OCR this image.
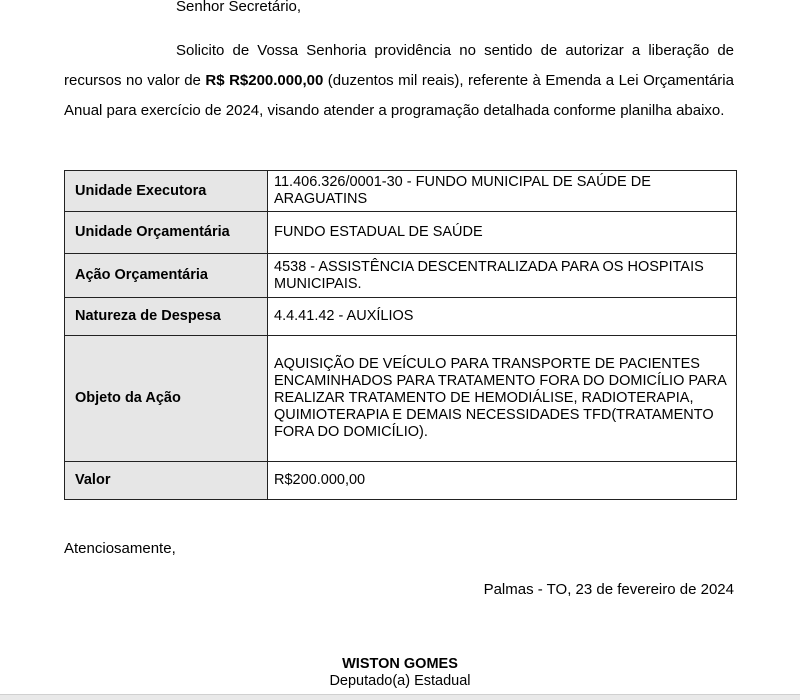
Senhor Secretário,

Solicito de Vossa Senhoria providência no sentido de autorizar a liberação de recursos no valor de R$ R$200.000,00 (duzentos mil reais), referente à Emenda a Lei Orçamentária Anual para exercício de 2024, visando atender a programação detalhada conforme planilha abaixo.

Unidade Executora	11.406.326/0001-30 - FUNDO MUNICIPAL DE SAÚDE DE ARAGUATINS
Unidade Orçamentária	FUNDO ESTADUAL DE SAÚDE
Ação Orçamentária	4538 - ASSISTÊNCIA DESCENTRALIZADA PARA OS HOSPITAIS MUNICIPAIS.
Natureza de Despesa	4.4.41.42 - AUXÍLIOS
Objeto da Ação	AQUISIÇÃO DE VEÍCULO PARA TRANSPORTE DE PACIENTES ENCAMINHADOS PARA TRATAMENTO FORA DO DOMICÍLIO PARA REALIZAR TRATAMENTO DE HEMODIÁLISE, RADIOTERAPIA, QUIMIOTERAPIA E DEMAIS NECESSIDADES TFD(TRATAMENTO FORA DO DOMICÍLIO).
Valor	R$200.000,00
Atenciosamente,
Palmas - TO, 23 de fevereiro de 2024
WISTON GOMES
Deputado(a) Estadual
